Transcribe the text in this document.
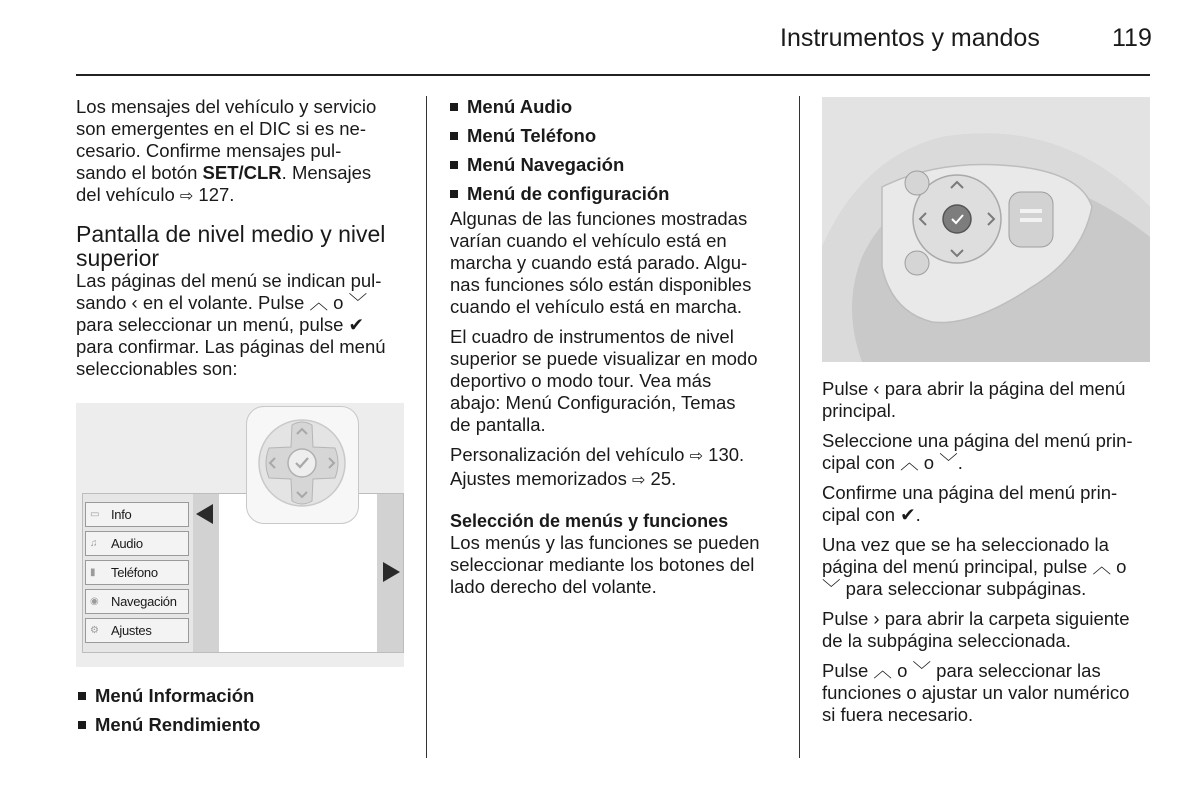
Instrumentos y mandos	119

Los mensajes del vehículo y servicio
son emergentes en el DIC si es ne-
cesario. Confirme mensajes pul-
sando el botón SET/CLR. Mensajes
del vehículo ⇨ 127.

Pantalla de nivel medio y nivel
superior

Las páginas del menú se indican pul-
sando ‹ en el volante. Pulse ︿ o ﹀
para seleccionar un menú, pulse ✔
para confirmar. Las páginas del menú
seleccionables son:

▭ Info
♫	Audio
▮	Teléfono
◉ Navegación
⚙ Ajustes
Menú Información
Menú Rendimiento
Menú Audio
Menú Teléfono
Menú Navegación
Menú de configuración

Algunas de las funciones mostradas
varían cuando el vehículo está en
marcha y cuando está parado. Algu-
nas funciones sólo están disponibles
cuando el vehículo está en marcha.

El cuadro de instrumentos de nivel
superior se puede visualizar en modo
deportivo o modo tour. Vea más
abajo: Menú Configuración, Temas
de pantalla.

Personalización del vehículo ⇨ 130.
Ajustes memorizados ⇨ 25.

Selección de menús y funciones

Los menús y las funciones se pueden
seleccionar mediante los botones del
lado derecho del volante.

Pulse ‹ para abrir la página del menú
principal.

Seleccione una página del menú prin-
cipal con ︿ o ﹀.

Confirme una página del menú prin-
cipal con ✔.

Una vez que se ha seleccionado la
página del menú principal, pulse ︿ o
﹀ para seleccionar subpáginas.

Pulse › para abrir la carpeta siguiente
de la subpágina seleccionada.

Pulse ︿ o ﹀ para seleccionar las
funciones o ajustar un valor numérico
si fuera necesario.
